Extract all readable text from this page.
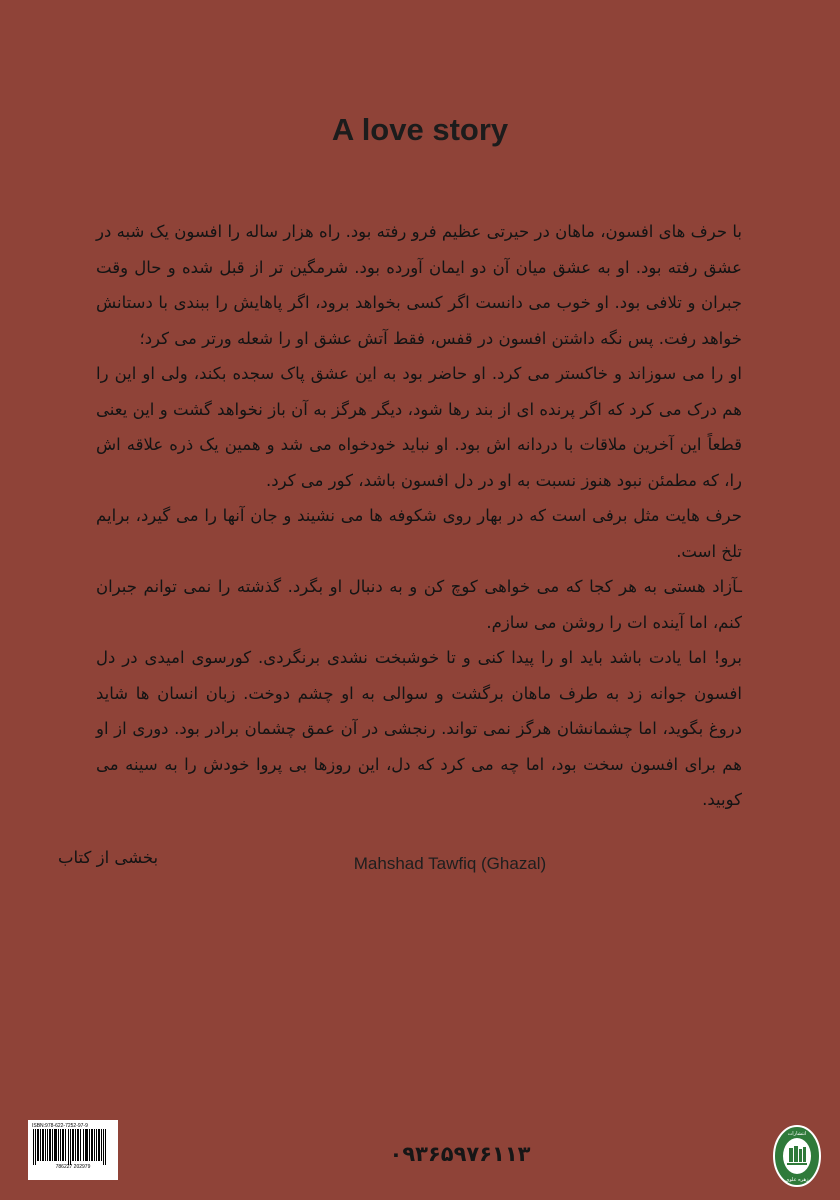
A love story

با حرف های افسون، ماهان در حیرتی عظیم فرو رفته بود. راه هزار ساله را افسون یک شبه در عشق رفته بود. او به عشق میان آن دو ایمان آورده بود. شرمگین تر از قبل شده و حال وقت جبران و تلافی بود. او خوب می دانست اگر کسی بخواهد برود، اگر پاهایش را ببندی با دستانش خواهد رفت. پس نگه داشتن افسون در قفس، فقط آتش عشق او را شعله ورتر می کرد؛

او را می سوزاند و خاکستر می کرد. او حاضر بود به این عشق پاک سجده بکند، ولی او این را هم درک می کرد که اگر پرنده ای از بند رها شود، دیگر هرگز به آن باز نخواهد گشت و این یعنی قطعاً این آخرین ملاقات با دردانه اش بود. او نباید خودخواه می شد و همین یک ذره علاقه اش را، که مطمئن نبود هنوز نسبت به او در دل افسون باشد، کور می کرد.

حرف هایت مثل برفی است که در بهار روی شکوفه ها می نشیند و جان آنها را می گیرد، برایم تلخ است.

ـآزاد هستی به هر کجا که می خواهی کوچ کن و به دنبال او بگرد. گذشته را نمی توانم جبران کنم، اما آینده ات را روشن می سازم.

برو! اما یادت باشد باید او را پیدا کنی و تا خوشبخت نشدی برنگردی. کورسوی امیدی در دل افسون جوانه زد به طرف ماهان برگشت و سوالی به او چشم دوخت. زبان انسان ها شاید دروغ بگوید، اما چشمانشان هرگز نمی تواند. رنجشی در آن عمق چشمان برادر بود. دوری از او هم برای افسون سخت بود، اما چه می کرد که دل، این روزها بی پروا خودش را به سینه می کوبید.

بخشی از کتاب	Mahshad Tawfiq (Ghazal)
ISBN:978-622-7252-97-9
786227 202979
۰۹۳۶۵۹۷۶۱۱۳
انتشارات
زهره علوی
